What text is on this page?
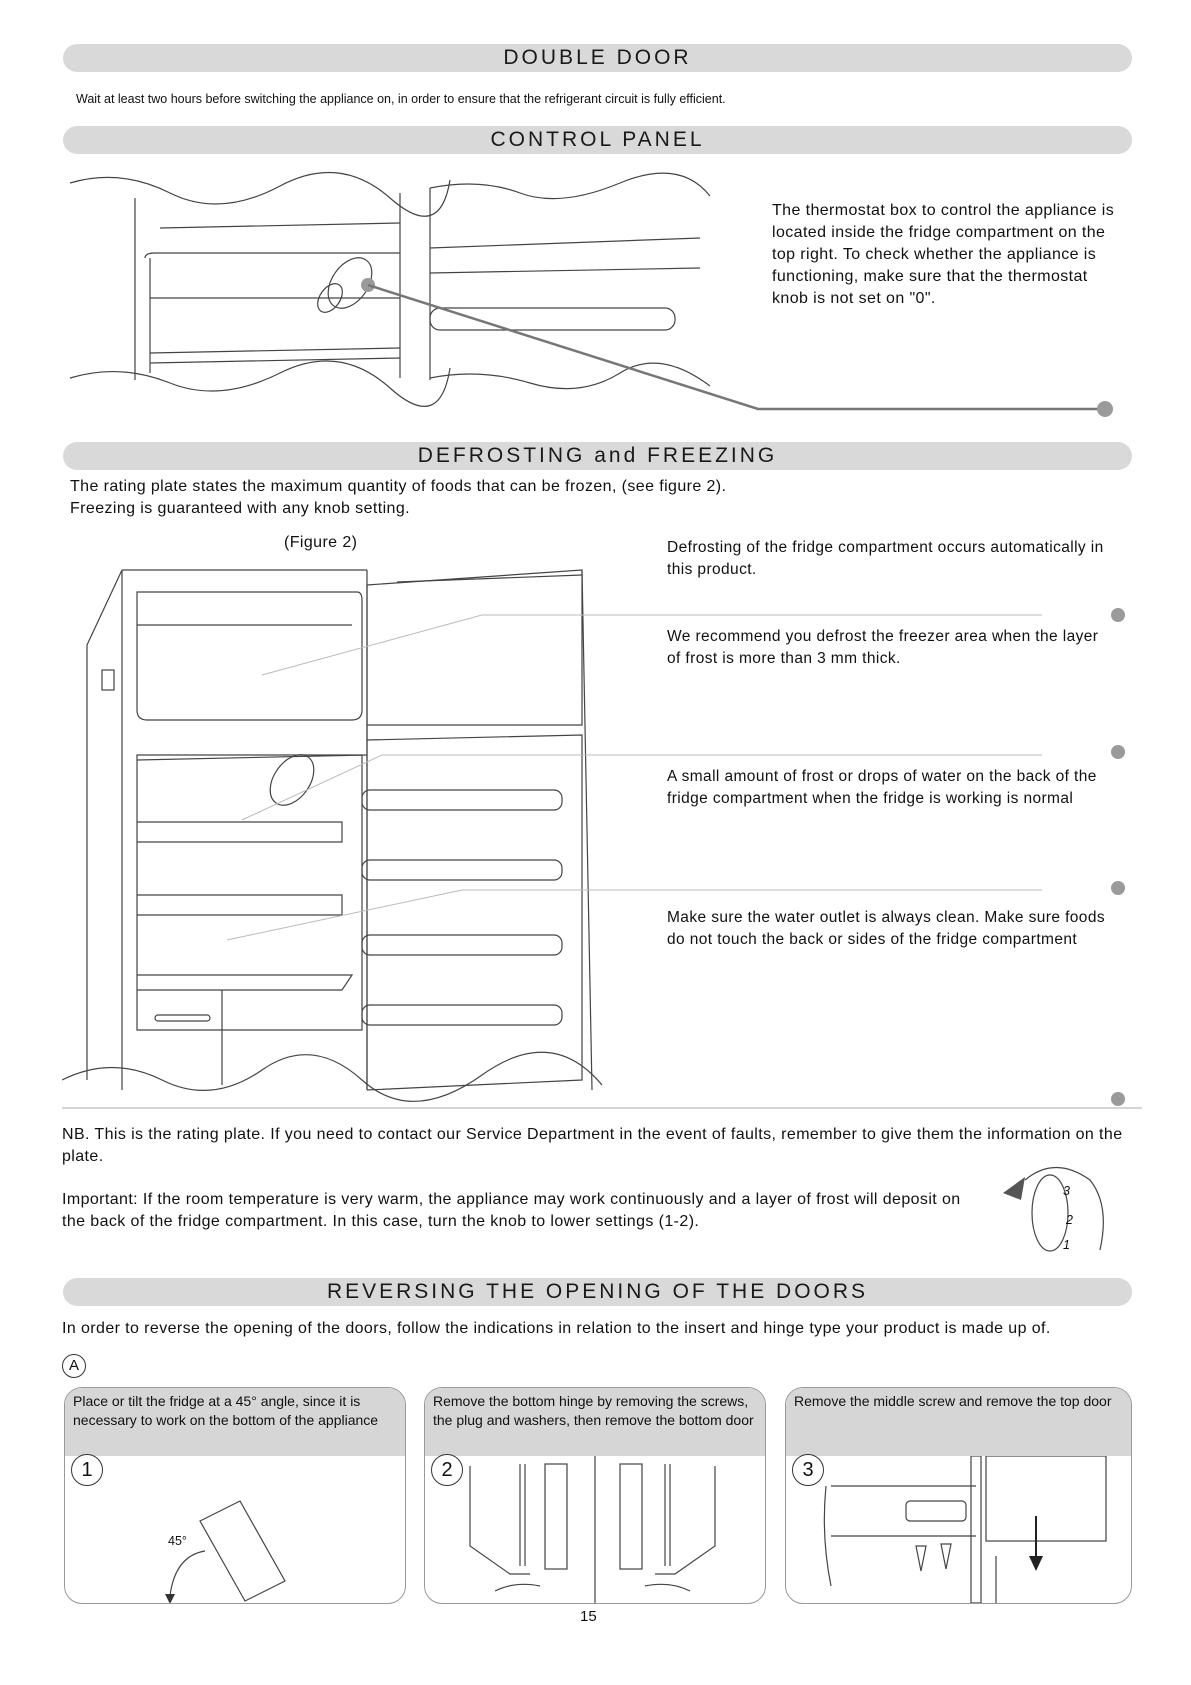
DOUBLE DOOR
Wait at least two hours before switching the appliance on, in order to ensure that the refrigerant circuit is fully efficient.
CONTROL PANEL
The thermostat box to control the appliance is located inside the fridge compartment on the top right. To check whether the appliance is functioning, make sure that the thermostat knob is not set on "0".
DEFROSTING and FREEZING
The rating plate states the maximum quantity of foods that can be frozen, (see figure 2).
Freezing is guaranteed with any knob setting.
(Figure 2)	Defrosting of the fridge compartment occurs automatically in this product.
We recommend you defrost the freezer area when the layer of frost is more than 3 mm thick.
A small amount of frost or drops of water on the back of the fridge compartment when the fridge is working is normal
Make sure the water outlet is always clean. Make sure foods do not touch the back or sides of the fridge compartment
NB. This is the rating plate. If you need to contact our Service Department in the event of faults, remember to give them the information on the plate.
Important: If the room temperature is very warm, the appliance may work continuously and a layer of frost will deposit on the back of the fridge compartment. In this case, turn the knob to lower settings (1-2).
3
2
1
REVERSING THE OPENING OF THE DOORS
In order to reverse the opening of the doors, follow the indications in relation to the insert and hinge type your product is made up of.
A
Place or tilt the fridge at a 45° angle, since it is necessary to work on the bottom of the appliance
1
45°
Remove the bottom hinge by removing the screws, the plug and washers, then remove the bottom door
2
Remove the middle screw and remove the top door
3
15
